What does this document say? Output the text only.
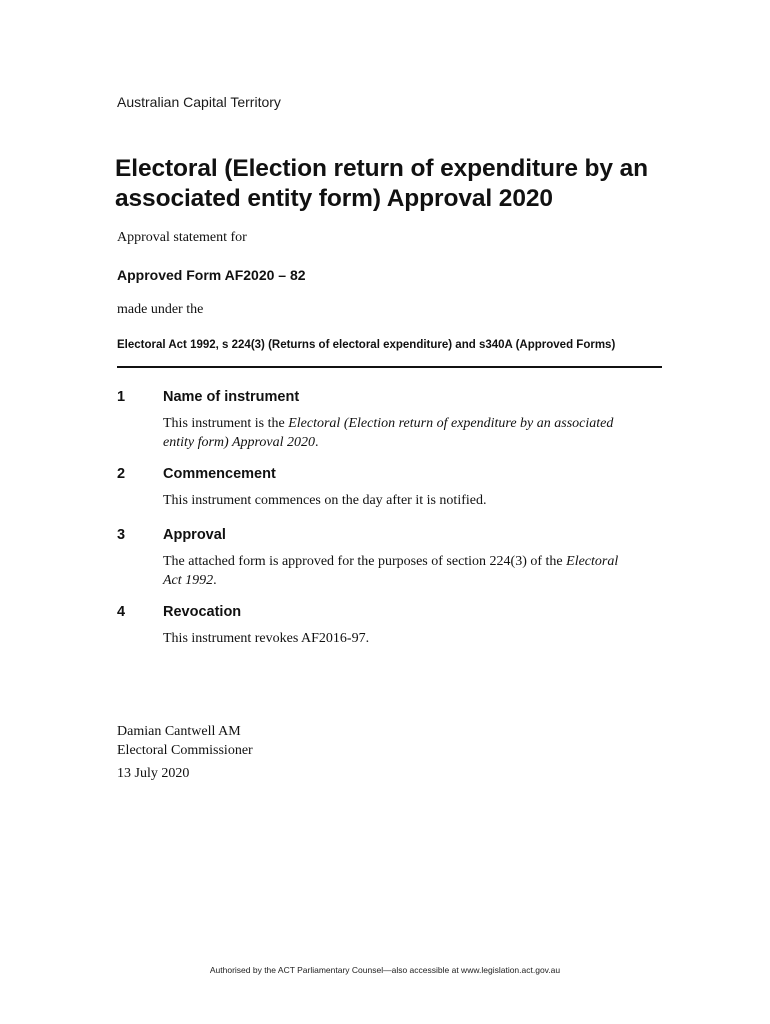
Australian Capital Territory
Electoral (Election return of expenditure by an associated entity form) Approval 2020
Approval statement for
Approved Form AF2020 – 82
made under the
Electoral Act 1992, s 224(3) (Returns of electoral expenditure) and s340A (Approved Forms)
1	Name of instrument
This instrument is the Electoral (Election return of expenditure by an associated entity form) Approval 2020.
2	Commencement
This instrument commences on the day after it is notified.
3	Approval
The attached form is approved for the purposes of section 224(3) of the Electoral Act 1992.
4	Revocation
This instrument revokes AF2016-97.
Damian Cantwell AM
Electoral Commissioner
13 July 2020
Authorised by the ACT Parliamentary Counsel—also accessible at www.legislation.act.gov.au
